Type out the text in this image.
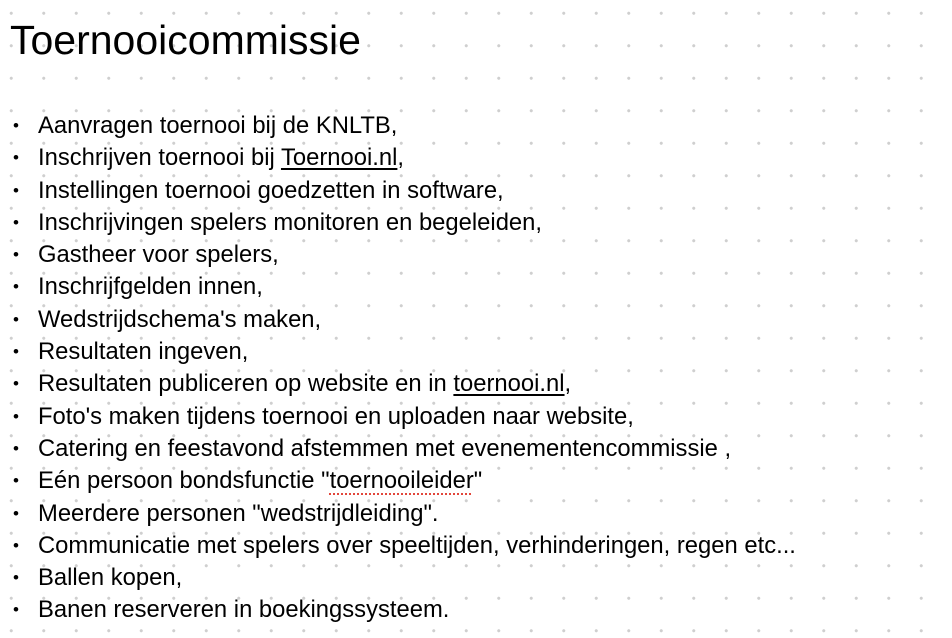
Toernooicommissie
• Aanvragen toernooi bij de KNLTB,
• Inschrijven toernooi bij Toernooi.nl,
• Instellingen toernooi goedzetten in software,
• Inschrijvingen spelers monitoren en begeleiden,
• Gastheer voor spelers,
• Inschrijfgelden innen,
• Wedstrijdschema's maken,
• Resultaten ingeven,
• Resultaten publiceren op website en in toernooi.nl,
• Foto's maken tijdens toernooi en uploaden naar website,
• Catering en feestavond afstemmen met evenementencommissie ,
• Eén persoon bondsfunctie "toernooileider"
• Meerdere personen "wedstrijdleiding".
• Communicatie met spelers over speeltijden, verhinderingen, regen etc...
• Ballen kopen,
• Banen reserveren in boekingssysteem.
